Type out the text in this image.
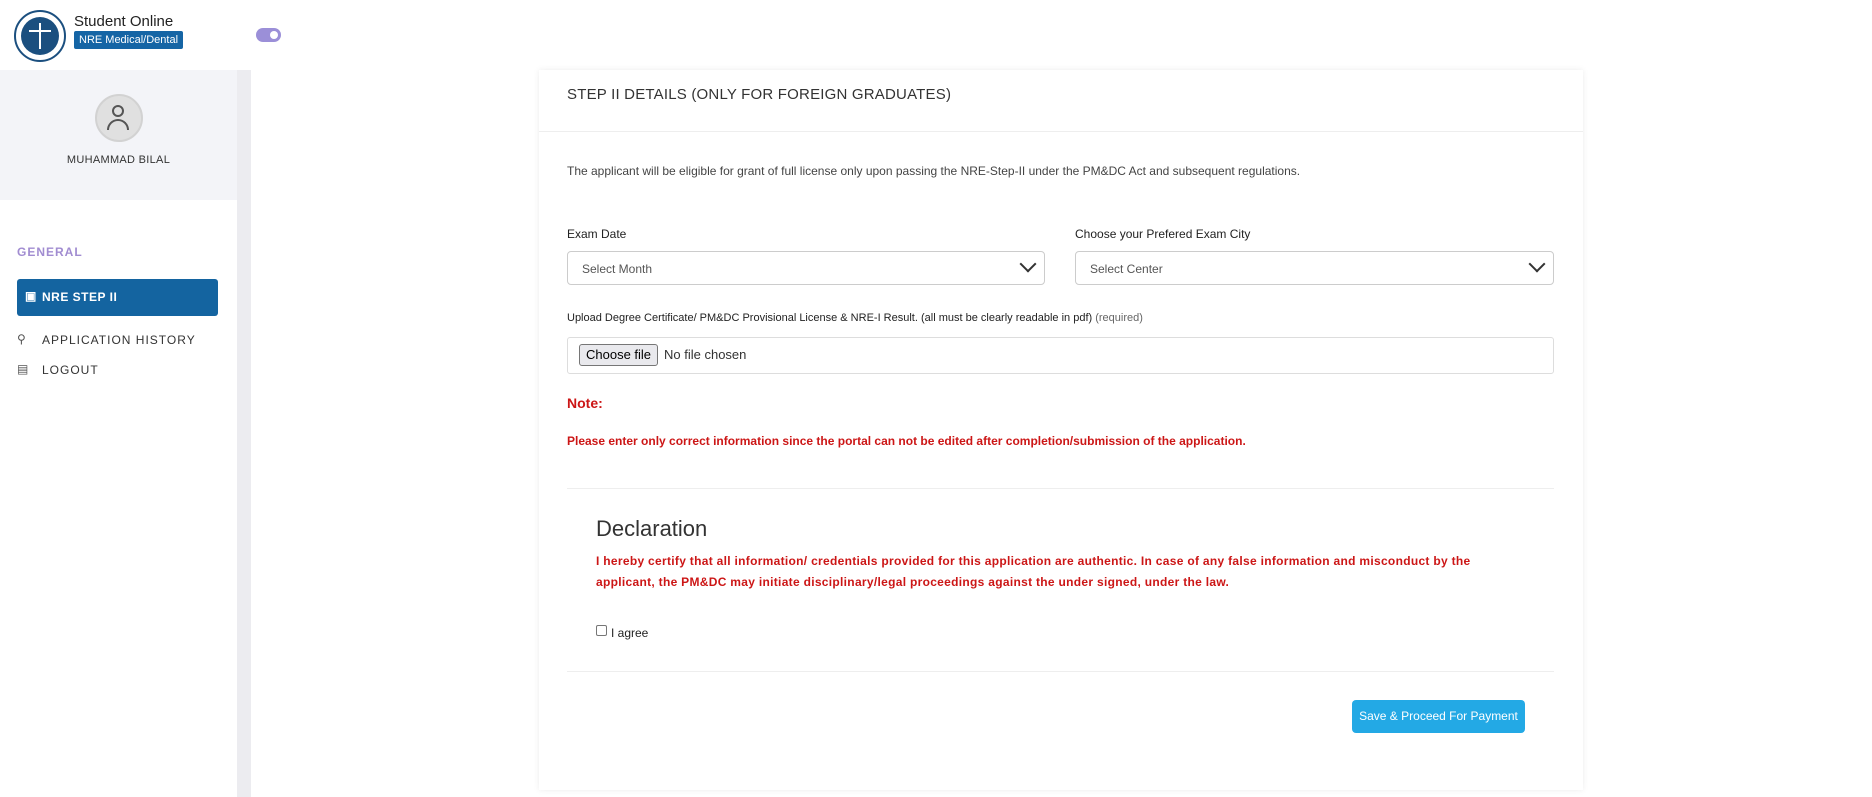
Student Online
NRE Medical/Dental
MUHAMMAD BILAL
GENERAL
▣ NRE STEP II
⚲ APPLICATION HISTORY
▤ LOGOUT
STEP II DETAILS (ONLY FOR FOREIGN GRADUATES)
The applicant will be eligible for grant of full license only upon passing the NRE-Step-II under the PM&DC Act and subsequent regulations.
Exam Date
Select Month
Choose your Prefered Exam City
Select Center
Upload Degree Certificate/ PM&DC Provisional License & NRE-I Result. (all must be clearly readable in pdf) (required)
Choose file No file chosen
Note:
Please enter only correct information since the portal can not be edited after completion/submission of the application.
Declaration
I hereby certify that all information/ credentials provided for this application are authentic. In case of any false information and misconduct by the applicant, the PM&DC may initiate disciplinary/legal proceedings against the under signed, under the law.
I agree
Save & Proceed For Payment
